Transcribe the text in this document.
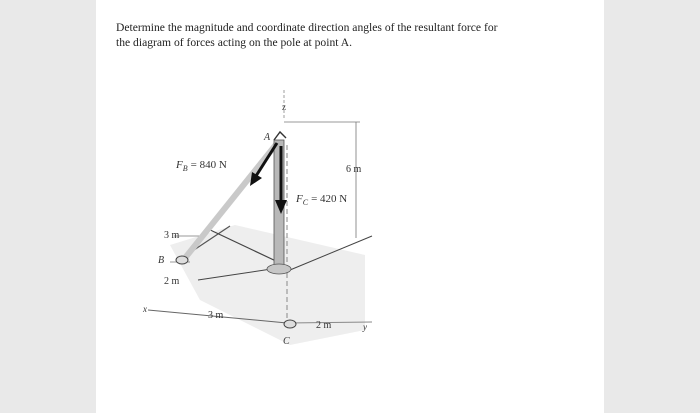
Determine the magnitude and coordinate direction angles of the resultant force for
the diagram of forces acting on the pole at point A.

z
A
$F_B = 840$ N
$F_C = 420$ N
6 m
3 m
B
2 m
x
3 m
2 m
C
y
